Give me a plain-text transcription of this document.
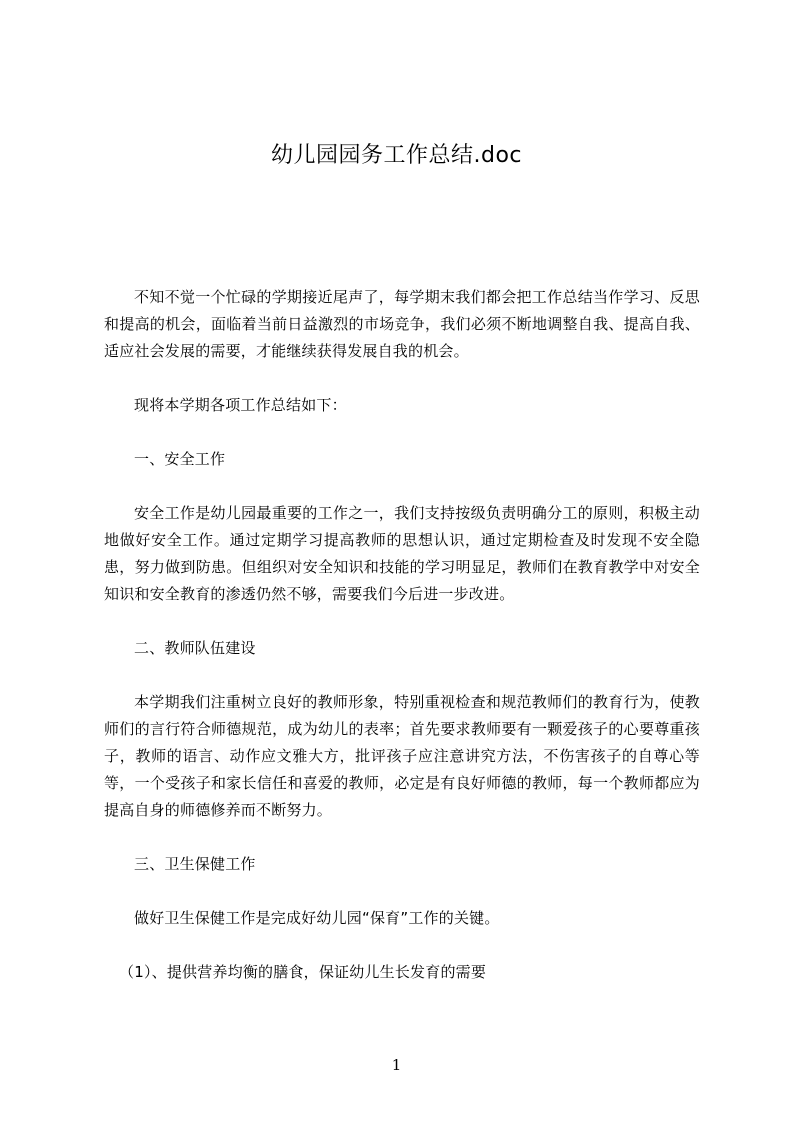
幼儿园园务工作总结.doc

不知不觉一个忙碌的学期接近尾声了，每学期末我们都会把工作总结当作学习、反思和提高的机会，面临着当前日益激烈的市场竞争，我们必须不断地调整自我、提高自我、适应社会发展的需要，才能继续获得发展自我的机会。

现将本学期各项工作总结如下：

一、安全工作

安全工作是幼儿园最重要的工作之一，我们支持按级负责明确分工的原则，积极主动地做好安全工作。通过定期学习提高教师的思想认识，通过定期检查及时发现不安全隐患，努力做到防患。但组织对安全知识和技能的学习明显足，教师们在教育教学中对安全知识和安全教育的渗透仍然不够，需要我们今后进一步改进。

二、教师队伍建设

本学期我们注重树立良好的教师形象，特别重视检查和规范教师们的教育行为，使教师们的言行符合师德规范，成为幼儿的表率；首先要求教师要有一颗爱孩子的心要尊重孩子，教师的语言、动作应文雅大方，批评孩子应注意讲究方法，不伤害孩子的自尊心等等，一个受孩子和家长信任和喜爱的教师，必定是有良好师德的教师，每一个教师都应为提高自身的师德修养而不断努力。

三、卫生保健工作

做好卫生保健工作是完成好幼儿园“保育”工作的关键。

（1）、提供营养均衡的膳食，保证幼儿生长发育的需要

1
